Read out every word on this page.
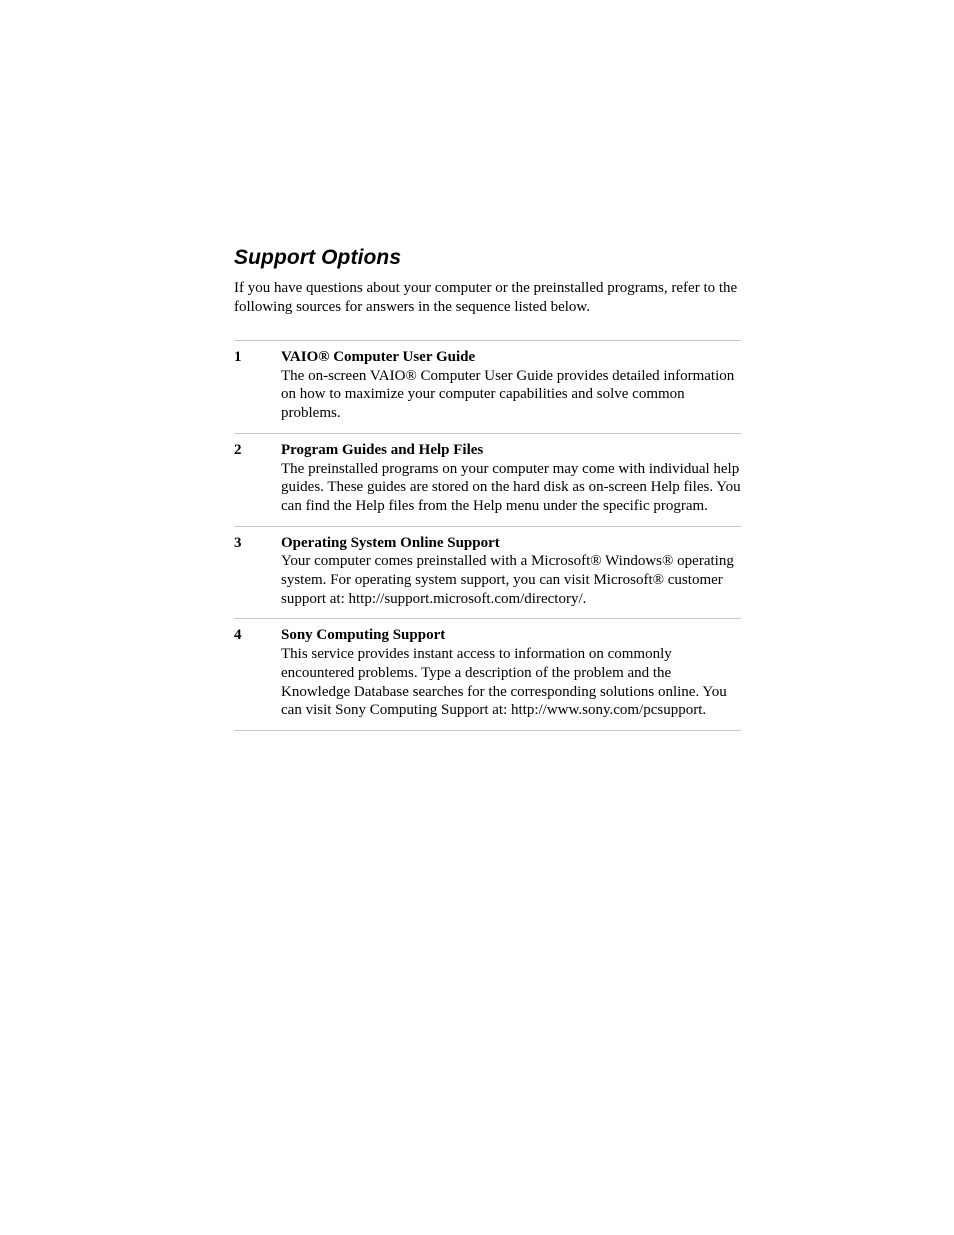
Support Options

If you have questions about your computer or the preinstalled programs, refer to the following sources for answers in the sequence listed below.

1	VAIO® Computer User Guide
The on-screen VAIO® Computer User Guide provides detailed information on how to maximize your computer capabilities and solve common problems.
2	Program Guides and Help Files
The preinstalled programs on your computer may come with individual help guides. These guides are stored on the hard disk as on-screen Help files. You can find the Help files from the Help menu under the specific program.
3	Operating System Online Support
Your computer comes preinstalled with a Microsoft® Windows® operating system. For operating system support, you can visit Microsoft® customer support at: http://support.microsoft.com/directory/.
4	Sony Computing Support
This service provides instant access to information on commonly encountered problems. Type a description of the problem and the Knowledge Database searches for the corresponding solutions online. You can visit Sony Computing Support at: http://www.sony.com/pcsupport.
